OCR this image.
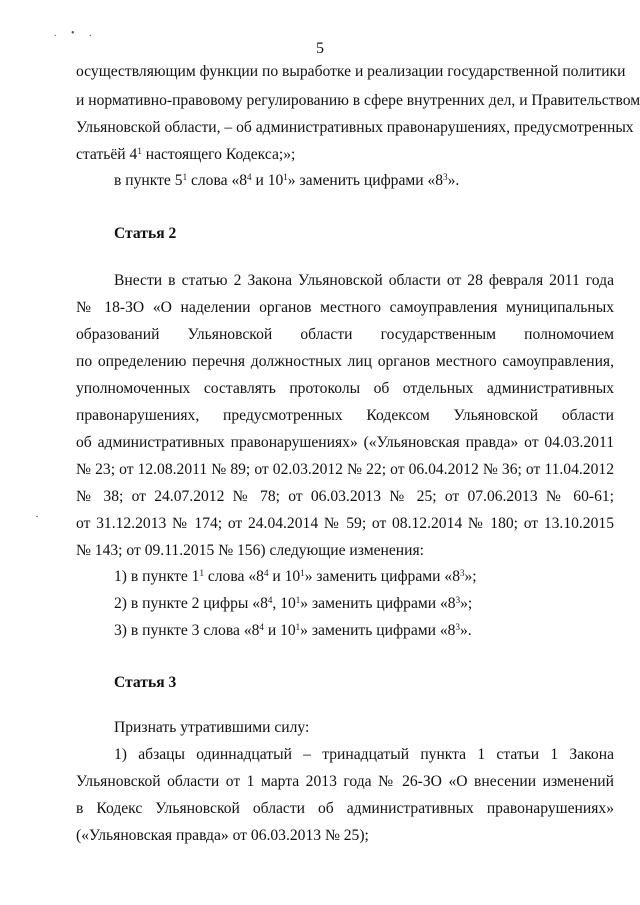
. • .
5
осуществляющим функции по выработке и реализации государственной политики
и нормативно-правовому регулированию в сфере внутренних дел, и Правительством
Ульяновской области, – об административных правонарушениях, предусмотренных
статьёй $4^1$ настоящего Кодекса;»;
в пункте $5^1$ слова «$8^4$ и $10^1$» заменить цифрами «$8^3$».
Статья 2
Внести в статью 2 Закона Ульяновской области от 28 февраля 2011 года
№ 18-ЗО «О наделении органов местного самоуправления муниципальных
образований Ульяновской области государственным полномочием
по определению перечня должностных лиц органов местного самоуправления,
уполномоченных составлять протоколы об отдельных административных
правонарушениях, предусмотренных Кодексом Ульяновской области
об административных правонарушениях» («Ульяновская правда» от 04.03.2011
№ 23; от 12.08.2011 № 89; от 02.03.2012 № 22; от 06.04.2012 № 36; от 11.04.2012
№ 38; от 24.07.2012 № 78; от 06.03.2013 № 25; от 07.06.2013 № 60-61;
от 31.12.2013 № 174; от 24.04.2014 № 59; от 08.12.2014 № 180; от 13.10.2015
№ 143; от 09.11.2015 № 156) следующие изменения:
1) в пункте $1^1$ слова «$8^4$ и $10^1$» заменить цифрами «$8^3$»;
2) в пункте 2 цифры «$8^4$, $10^1$» заменить цифрами «$8^3$»;
3) в пункте 3 слова «$8^4$ и $10^1$» заменить цифрами «$8^3$».
Статья 3
Признать утратившими силу:
1) абзацы одиннадцатый – тринадцатый пункта 1 статьи 1 Закона
Ульяновской области от 1 марта 2013 года № 26-ЗО «О внесении изменений
в Кодекс Ульяновской области об административных правонарушениях»
(«Ульяновская правда» от 06.03.2013 № 25);
